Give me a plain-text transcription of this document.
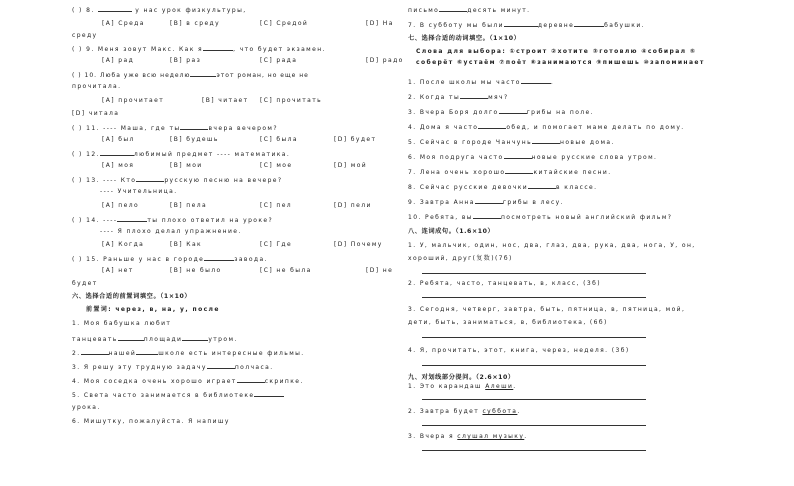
( ) 8.	у нас урок физкультуры,
[A] Среда	[B] в среду	[C] Средой	[D] На
среду
( ) 9. Меня зовут Макс. Как я	, что будет экзамен.
[A] рад	[B] раз	[C] рада	[D] радо
( ) 10. Люба уже всю неделю	этот роман, но еще не
прочитала.
[A] прочитает	[B] читает [C] прочитать
[D] читала
( ) 11. ---- Маша, где ты	вчера вечером?
[A] был	[B] будешь	[C] была	[D] будет
( ) 12.	любимый предмет ---- математика.
[A] моя	[B] мои	[C] мое	[D] мой
( ) 13. ---- Кто	русскую песню на вечере?
---- Учительница.
[A] пело	[B] пела	[C] пел	[D] пели
( ) 14. ----	ты плохо ответил на уроке?
---- Я плохо делал упражнение.
[A] Когда	[B] Как	[C] Где	[D] Почему
( ) 15. Раньше у нас в городе	завода.
[A] нет	[B] не было	[C] не была	[D] не
будет
六、选择合适的前置词填空。（1×10）
前置词: через, в, на, у, после
1. Моя бабушка любит
танцевать	площади	утром.
2.	нашей	школе есть интересные фильмы.
3. Я решу эту трудную задачу	полчаса.
4. Моя соседка очень хорошо играет	скрипке.
5. Света часто занимается в библиотеке
урока.
6. Мишутку, пожалуйста. Я напишу
письмо	десять минут.
7. В субботу мы были	деревне	бабушки.
七、选择合适的动词填空。（1×10）
Слова для выбора: ①строит ②хотите ③готовлю ④собирал ⑤
соберёт ⑥устаём ⑦поёт ⑧занимаются ⑨пишешь ⑩запоминает
1. После школы мы часто	.
2. Когда ты	мяч?
3. Вчера Боря долго	грибы на поле.
4. Дома я часто	обед, и помогает маме делать по дому.
5. Сейчас в городе Чанчунь	новые дома.
6. Моя подруга часто	новые русские слова утром.
7. Лена очень хорошо	китайские песни.
8. Сейчас русские девочки	в классе.
9. Завтра Анна	грибы в лесу.
10. Ребята, вы	посмотреть новый английский фильм?
八、连词成句。（1.6×10）
1. У, мальчик, один, нос, два, глаз, два, рука, два, нога, У, он,
хороший, друг(复数)(7б)
2. Ребята, часто, танцевать, в, класс, (3б)
3. Сегодня, четверг, завтра, быть, пятница, в, пятница, мой,
дети, быть, заниматься, в, библиотека, (6б)
4. Я, прочитать, этот, книга, через, неделя. (3б)
九、对划线部分提问。（2.6×10）
1. Это карандаш Алеши.
2. Завтра будет суббота.
3. Вчера я слушал музыку.
